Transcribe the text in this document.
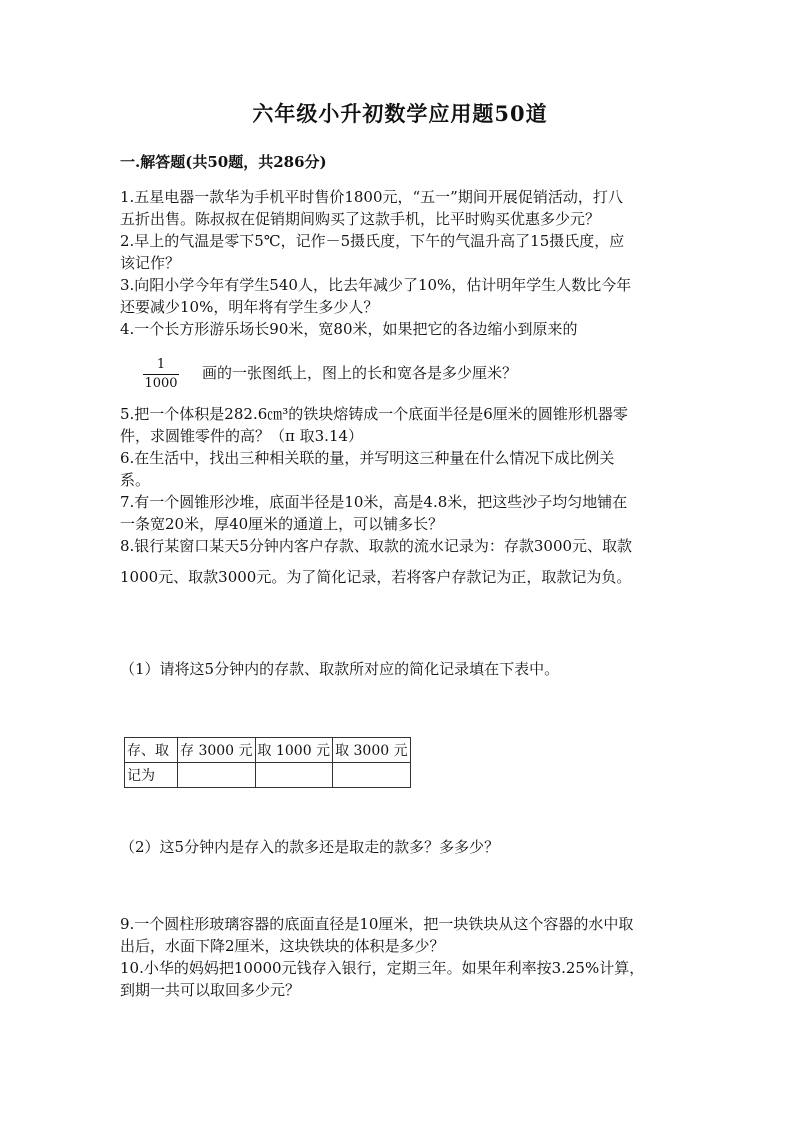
六年级小升初数学应用题50道
一.解答题(共50题，共286分)
1.五星电器一款华为手机平时售价1800元，“五一”期间开展促销活动，打八
五折出售。陈叔叔在促销期间购买了这款手机，比平时购买优惠多少元？
2.早上的气温是零下5℃，记作－5摄氏度，下午的气温升高了15摄氏度，应
该记作？
3.向阳小学今年有学生540人，比去年减少了10%，估计明年学生人数比今年
还要减少10%，明年将有学生多少人？
4.一个长方形游乐场长90米，宽80米，如果把它的各边缩小到原来的
1
1000
画的一张图纸上，图上的长和宽各是多少厘米？
5.把一个体积是282.6㎝³的铁块熔铸成一个底面半径是6厘米的圆锥形机器零
件，求圆锥零件的高？（π 取3.14）
6.在生活中，找出三种相关联的量，并写明这三种量在什么情况下成比例关
系。
7.有一个圆锥形沙堆，底面半径是10米，高是4.8米，把这些沙子均匀地铺在
一条宽20米，厚40厘米的通道上，可以铺多长？
8.银行某窗口某天5分钟内客户存款、取款的流水记录为：存款3000元、取款
1000元、取款3000元。为了简化记录，若将客户存款记为正，取款记为负。
（1）请将这5分钟内的存款、取款所对应的简化记录填在下表中。
存、取	存 3000 元	取 1000 元	取 3000 元
记为			
（2）这5分钟内是存入的款多还是取走的款多？多多少？
9.一个圆柱形玻璃容器的底面直径是10厘米，把一块铁块从这个容器的水中取
出后，水面下降2厘米，这块铁块的体积是多少？
10.小华的妈妈把10000元钱存入银行，定期三年。如果年利率按3.25%计算，
到期一共可以取回多少元？
